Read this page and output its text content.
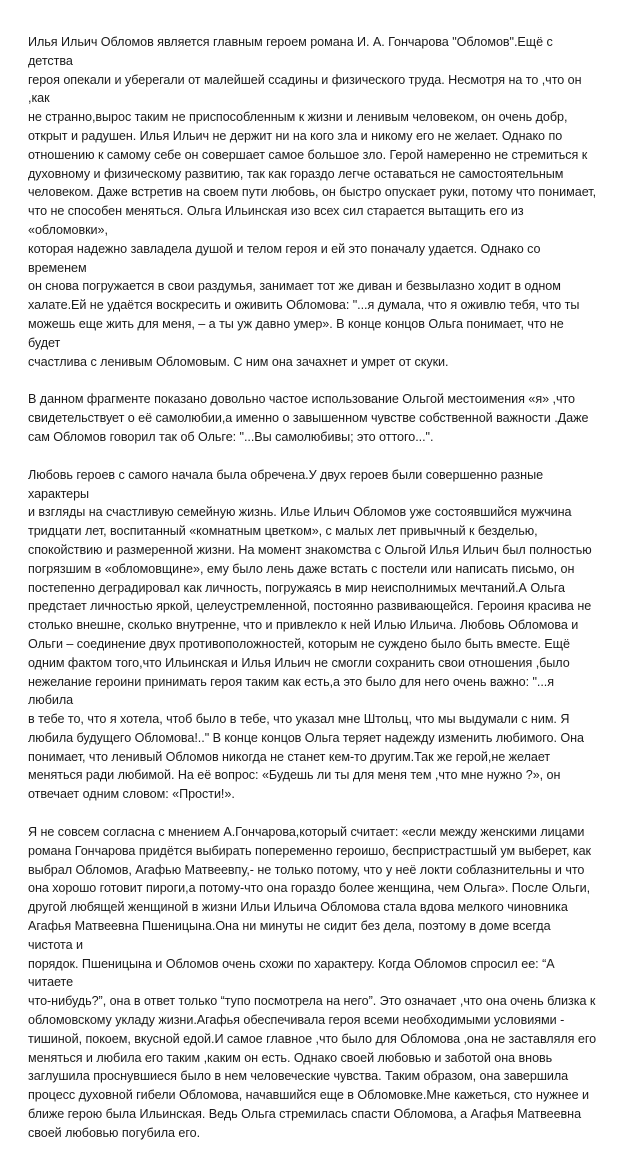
Илья Ильич Обломов является главным героем романа И. А. Гончарова "Обломов".Ещё с детства
героя опекали и уберегали от малейшей ссадины и физического труда. Несмотря на то ,что он ,как
не странно,вырос таким не приспособленным к жизни и ленивым человеком, он очень добр,
открыт и радушен. Илья Ильич не держит ни на кого зла и никому его не желает. Однако по
отношению к самому себе он совершает самое большое зло. Герой намеренно не стремиться к
духовному и физическому развитию, так как гораздо легче оставаться не самостоятельным
человеком. Даже встретив на своем пути любовь, он быстро опускает руки, потому что понимает,
что не способен меняться. Ольга Ильинская изо всех сил старается вытащить его из «обломовки»,
которая надежно завладела душой и телом героя и ей это поначалу удается. Однако со временем
он снова погружается в свои раздумья, занимает тот же диван и безвылазно ходит в одном
халате.Ей не удаётся воскресить и оживить Обломова: "...я думала, что я оживлю тебя, что ты
можешь еще жить для меня, – а ты уж давно умер». В конце концов Ольга понимает, что не будет
счастлива с ленивым Обломовым. С ним она зачахнет и умрет от скуки.

В данном фрагменте показано довольно частое использование Ольгой местоимения «я» ,что
свидетельствует о её самолюбии,а именно о завышенном чувстве собственной важности .Даже
сам Обломов говорил так об Ольге: "...Вы самолюбивы; это оттого...".

Любовь героев с самого начала была обречена.У двух героев были совершенно разные характеры
и взгляды на счастливую семейную жизнь. Илье Ильич Обломов уже состоявшийся мужчина
тридцати лет, воспитанный «комнатным цветком», с малых лет привычный к безделью,
спокойствию и размеренной жизни. На момент знакомства с Ольгой Илья Ильич был полностью
погрязшим в «обломовщине», ему было лень даже встать с постели или написать письмо, он
постепенно деградировал как личность, погружаясь в мир неисполнимых мечтаний.А Ольга
предстает личностью яркой, целеустремленной, постоянно развивающейся. Героиня красива не
столько внешне, сколько внутренне, что и привлекло к ней Илью Ильича. Любовь Обломова и
Ольги – соединение двух противоположностей, которым не суждено было быть вместе. Ещё
одним фактом того,что Ильинская и Илья Ильич не смогли сохранить свои отношения ,было
нежелание героини принимать героя таким как есть,а это было для него очень важно: "...я любила
в тебе то, что я хотела, чтоб было в тебе, что указал мне Штольц, что мы выдумали с ним. Я
любила будущего Обломова!.." В конце концов Ольга теряет надежду изменить любимого. Она
понимает, что ленивый Обломов никогда не станет кем-то другим.Так же герой,не желает
меняться ради любимой. На её вопрос: «Будешь ли ты для меня тем ,что мне нужно ?», он
отвечает одним словом: «Прости!».

Я не совсем согласна с мнением А.Гончарова,который считает: «если между женскими лицами
романа Гончарова придётся выбирать попеременно героишо, беспристрастшый ум выберет, как
выбрал Обломов, Агафью Матвеевпу,- не только потому, что у неё локти соблазнительны и что
она хорошо готовит пироги,а потому-что она гораздо более женщина, чем Ольга». После Ольги,
другой любящей женщиной в жизни Ильи Ильича Обломова стала вдова мелкого чиновника
Агафья Матвеевна Пшеницына.Она ни минуты не сидит без дела, поэтому в доме всегда чистота и
порядок. Пшеницына и Обломов очень схожи по характеру. Когда Обломов спросил ее: “А читаете
что-нибудь?”, она в ответ только “тупо посмотрела на него”. Это означает ,что она очень близка к
обломовскому укладу жизни.Агафья обеспечивала героя всеми необходимыми условиями -
тишиной, покоем, вкусной едой.И самое главное ,что было для Обломова ,она не заставляля его
меняться и любила его таким ,каким он есть. Однако своей любовью и заботой она вновь
заглушила проснувшиеся было в нем человеческие чувства. Таким образом, она завершила
процесс духовной гибели Обломова, начавшийся еще в Обломовке.Мне кажеться, сто нужнее и
ближе герою была Ильинская. Ведь Ольга стремилась спасти Обломова, а Агафья Матвеевна
своей любовью погубила его.
